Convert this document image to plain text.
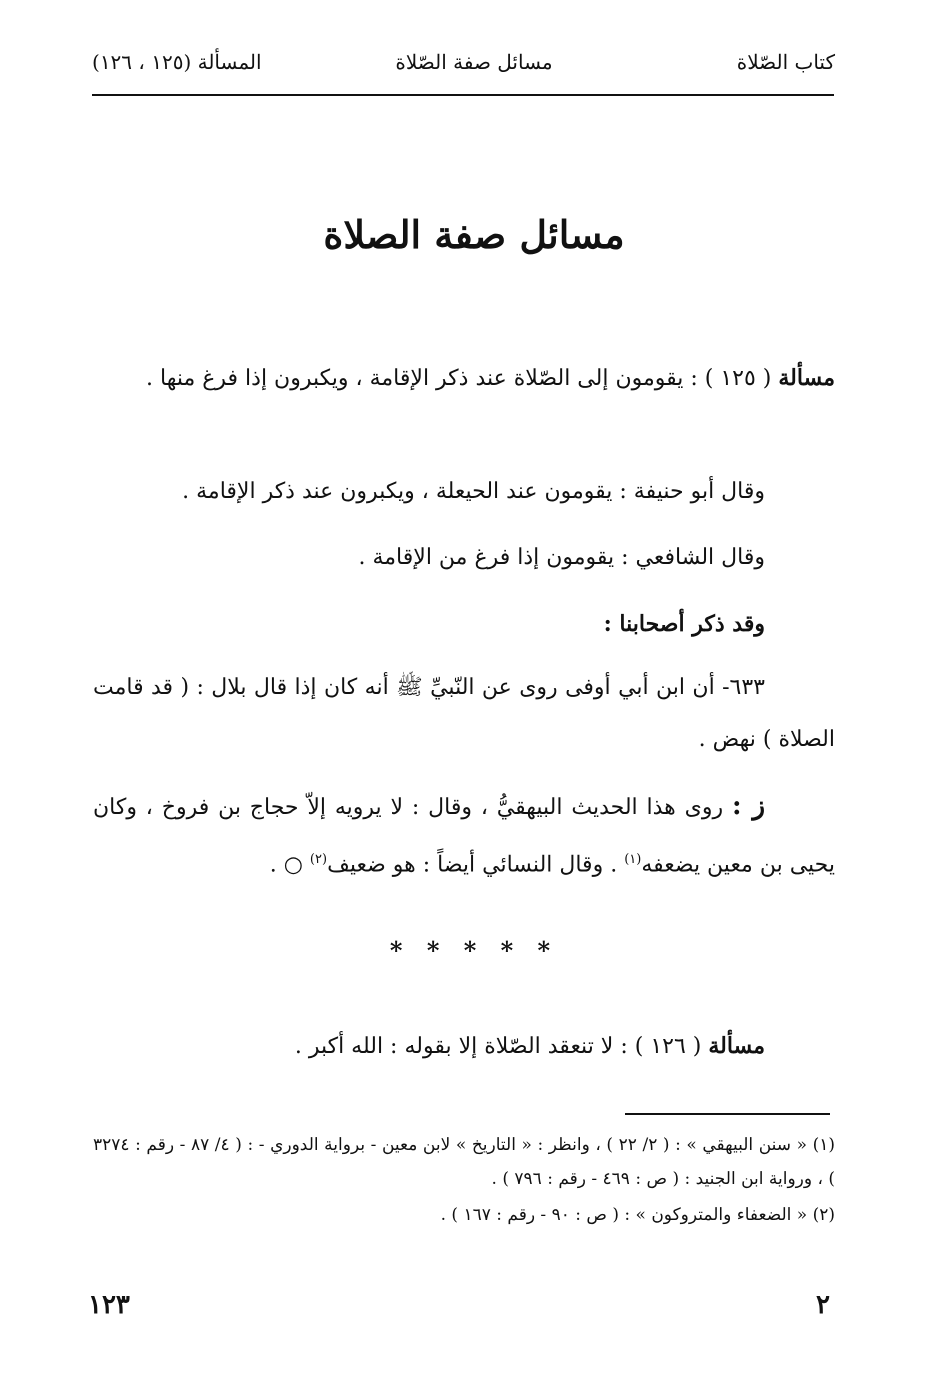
كتاب الصّلاة
مسائل صفة الصّلاة
المسألة (١٢٥ ، ١٢٦)
مسائل صفة الصلاة
مسألة ( ١٢٥ ) : يقومون إلى الصّلاة عند ذكر الإقامة ، ويكبرون إذا فرغ منها .
وقال أبو حنيفة : يقومون عند الحيعلة ، ويكبرون عند ذكر الإقامة .
وقال الشافعي : يقومون إذا فرغ من الإقامة .
وقد ذكر أصحابنا :
٦٣٣- أن ابن أبي أوفى روى عن النّبيِّ ﷺ أنه كان إذا قال بلال : ( قد قامت الصلاة ) نهض .
ز : روى هذا الحديث البيهقيُّ ، وقال : لا يرويه إلاّ حجاج بن فروخ ، وكان يحيى بن معين يضعفه$^{(١)}$ . وقال النسائي أيضاً : هو ضعيف$^{(٢)}$ ○ .
* * * * *
مسألة ( ١٢٦ ) : لا تنعقد الصّلاة إلا بقوله : الله أكبر .
(١) « سنن البيهقي » : ( ٢/ ٢٢ ) ، وانظر : « التاريخ » لابن معين - برواية الدوري - : ( ٤/ ٨٧ - رقم : ٣٢٧٤ ) ، ورواية ابن الجنيد : ( ص : ٤٦٩ - رقم : ٧٩٦ ) .
(٢) « الضعفاء والمتروكون » : ( ص : ٩٠ - رقم : ١٦٧ ) .
٢
١٢٣
